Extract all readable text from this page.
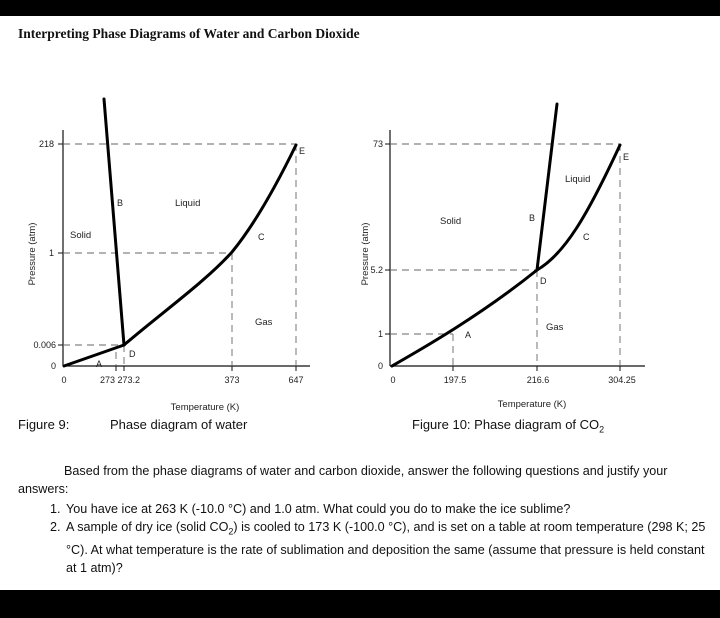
Interpreting Phase Diagrams of Water and Carbon Dioxide
218
1
0.006
0
0	273 273.2	373	647
Temperature (K)
Pressure (atm)	Solid
Liquid
Gas
A
B
C
D
E
73
5.2
1
0
0	197.5	216.6	304.25
Temperature (K)
Pressure (atm)
Solid
Liquid
Gas
A
B
C
D
E
Figure 9:	Phase diagram of water	Figure 10: Phase diagram of $CO_2$

Based from the phase diagrams of water and carbon dioxide, answer the following questions and justify your answers:

1. You have ice at 263 K (-10.0 °C) and 1.0 atm. What could you do to make the ice sublime?
2. A sample of dry ice (solid $CO_2$) is cooled to 173 K (-100.0 °C), and is set on a table at room temperature (298 K; 25 °C). At what temperature is the rate of sublimation and deposition the same (assume that pressure is held constant at 1 atm)?
